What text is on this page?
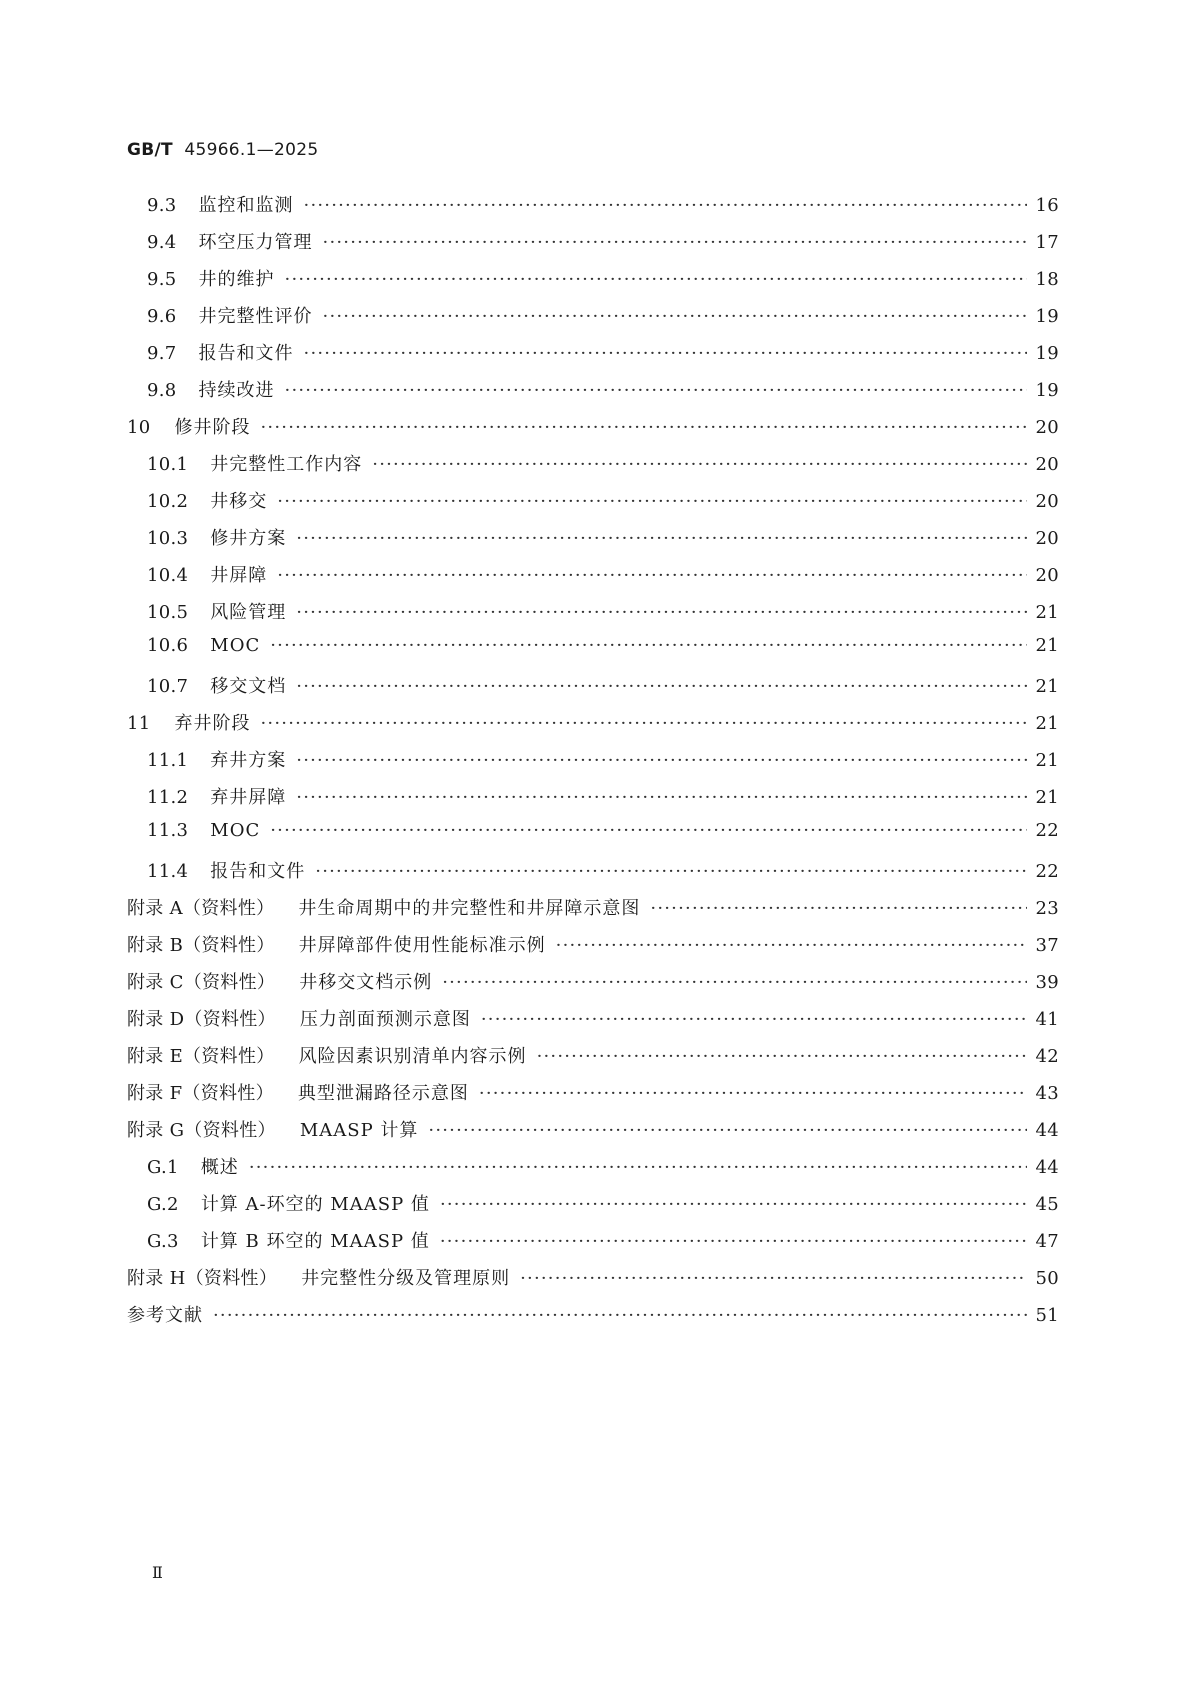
GB/T 45966.1—2025
9.3 监控和监测 ·····	16
9.4 环空压力管理 ·····	17
9.5 井的维护 ·····	18
9.6 井完整性评价 ·····	19
9.7 报告和文件 ·····	19
9.8 持续改进 ·····	19
10 修井阶段 ·····	20
10.1 井完整性工作内容 ·····	20
10.2 井移交 ·····	20
10.3 修井方案 ·····	20
10.4 井屏障 ·····	20
10.5 风险管理 ·····	21
10.6 MOC ·····	21
10.7 移交文档 ·····	21
11 弃井阶段 ·····	21
11.1 弃井方案 ·····	21
11.2 弃井屏障 ·····	21
11.3 MOC ·····	22
11.4 报告和文件 ·····	22
附录 A（资料性） 井生命周期中的井完整性和井屏障示意图 ·····	23
附录 B（资料性） 井屏障部件使用性能标准示例 ·····	37
附录 C（资料性） 井移交文档示例 ·····	39
附录 D（资料性） 压力剖面预测示意图 ·····	41
附录 E（资料性） 风险因素识别清单内容示例 ·····	42
附录 F（资料性） 典型泄漏路径示意图 ·····	43
附录 G（资料性） MAASP 计算 ·····	44
G.1 概述 ·····	44
G.2 计算 A-环空的 MAASP 值 ·····	45
G.3 计算 B 环空的 MAASP 值 ·····	47
附录 H（资料性） 井完整性分级及管理原则 ·····	50
参考文献 ·····	51
Ⅱ
